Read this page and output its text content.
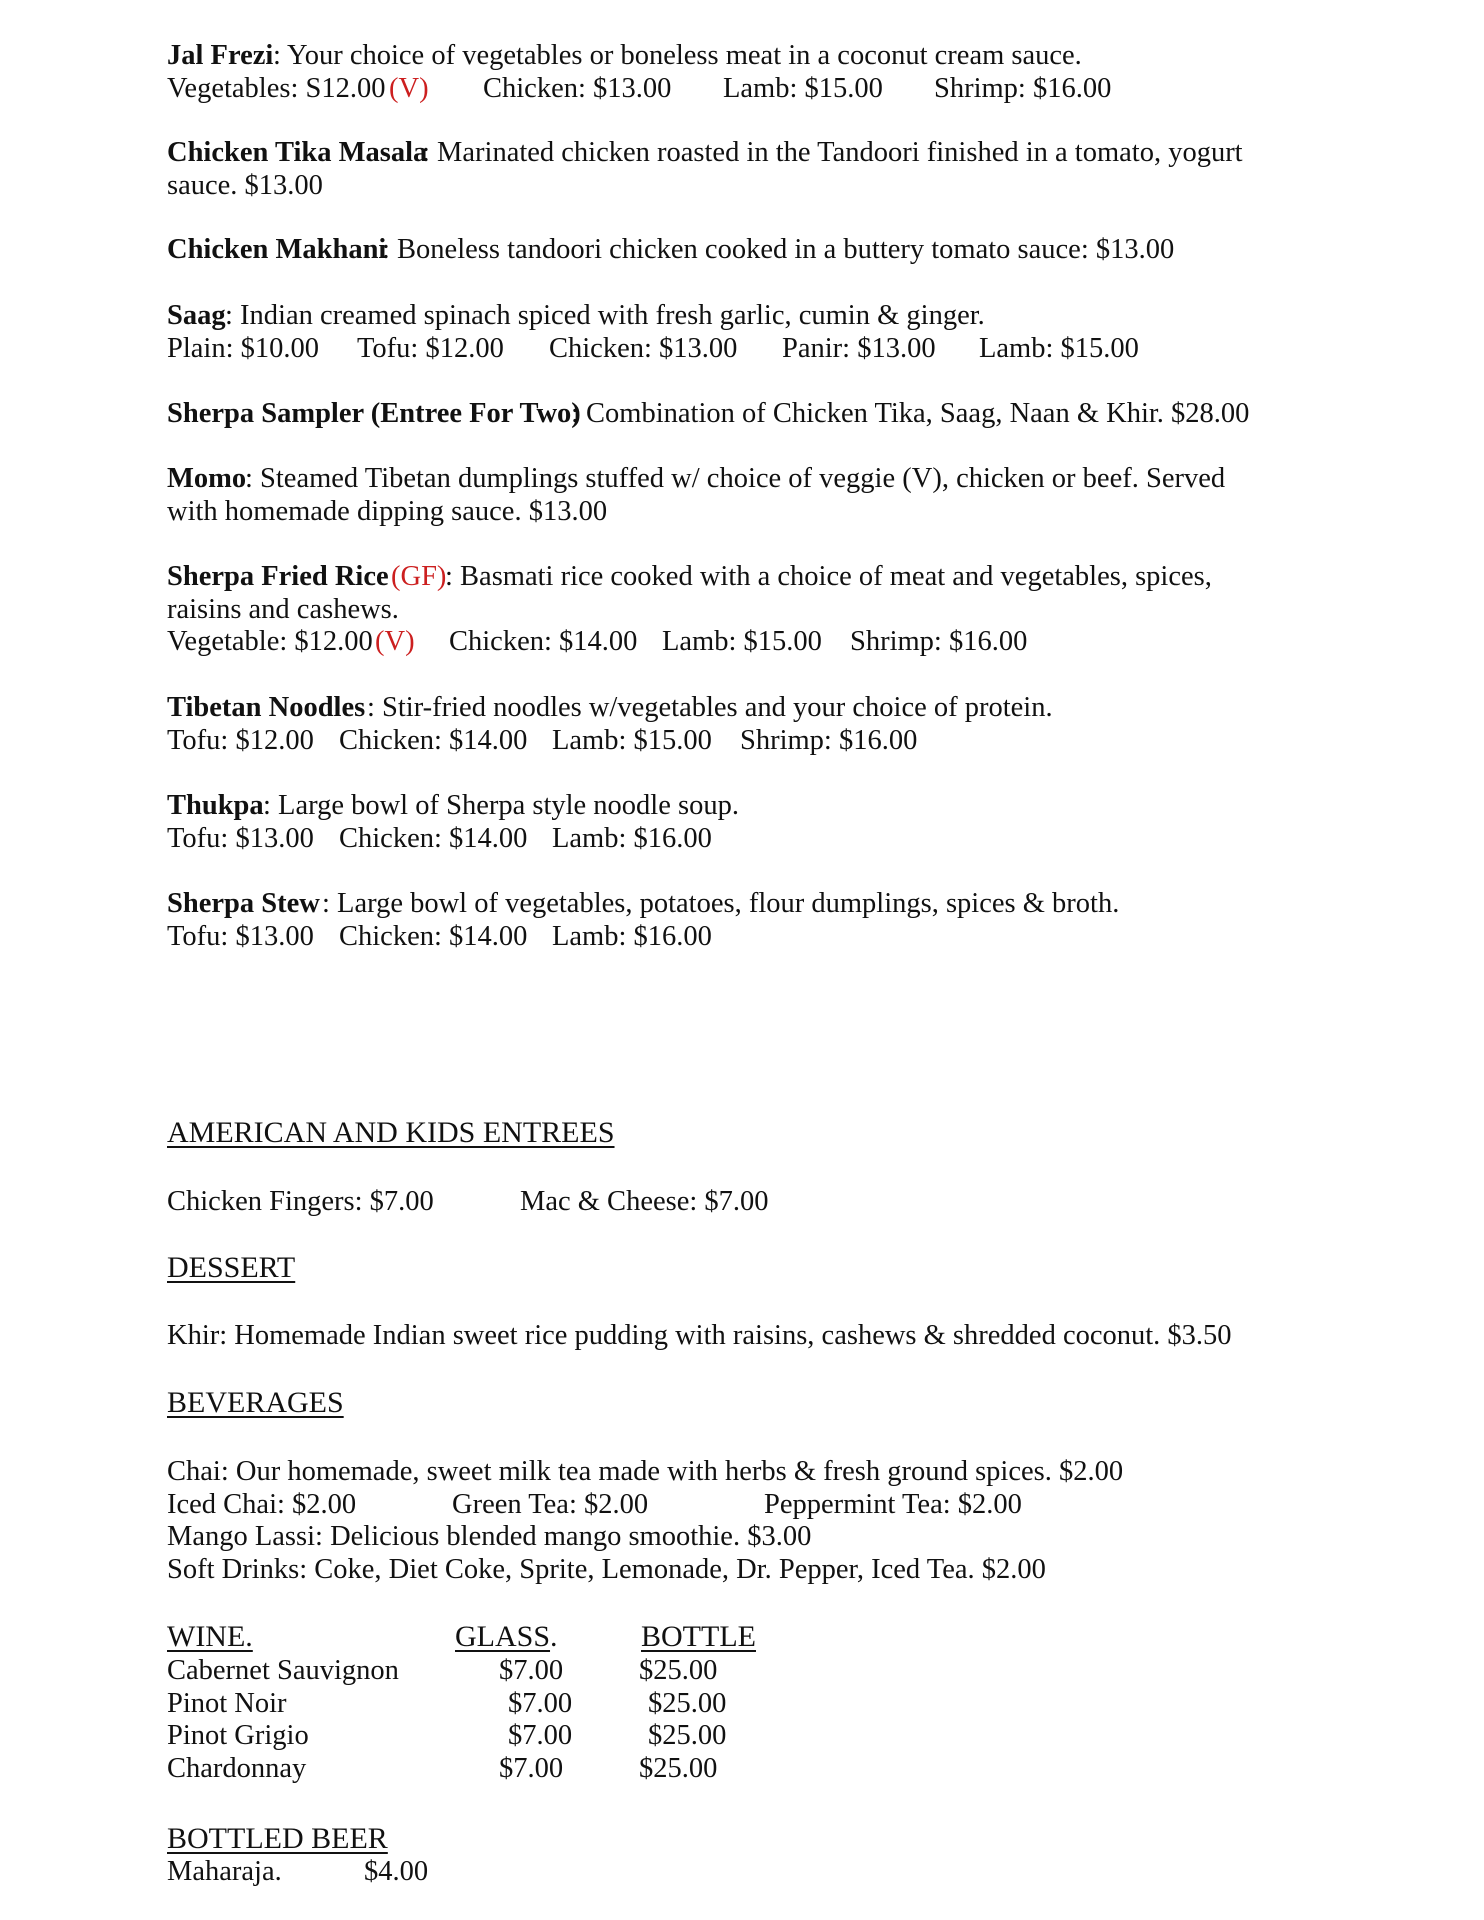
Jal Frezi : Your choice of vegetables or boneless meat in a coconut cream sauce.
Vegetables: S12.00 (V) Chicken: $13.00 Lamb: $15.00 Shrimp: $16.00
Chicken Tika Masala
: Marinated chicken roasted in the Tandoori finished in a tomato, yogurt
sauce. $13.00
Chicken Makhani
: Boneless tandoori chicken cooked in a buttery tomato sauce: $13.00
Saag : Indian creamed spinach spiced with fresh garlic, cumin & ginger.
Plain: $10.00 Tofu: $12.00 Chicken: $13.00 Panir: $13.00 Lamb: $15.00
Sherpa Sampler (Entree For Two)
: Combination of Chicken Tika, Saag, Naan & Khir. $28.00
Momo
: Steamed Tibetan dumplings stuffed w/ choice of veggie (V), chicken or beef. Served
with homemade dipping sauce. $13.00
Sherpa Fried Rice (GF)
: Basmati rice cooked with a choice of meat and vegetables, spices,
raisins and cashews.
Vegetable: $12.00 (V) Chicken: $14.00 Lamb: $15.00 Shrimp: $16.00
Tibetan Noodles : Stir-fried noodles w/vegetables and your choice of protein.
Tofu: $12.00 Chicken: $14.00 Lamb: $15.00 Shrimp: $16.00
Thukpa : Large bowl of Sherpa style noodle soup.
Tofu: $13.00 Chicken: $14.00 Lamb: $16.00
Sherpa Stew : Large bowl of vegetables, potatoes, flour dumplings, spices & broth.
Tofu: $13.00 Chicken: $14.00 Lamb: $16.00
AMERICAN AND KIDS ENTREES
Chicken Fingers: $7.00	Mac & Cheese: $7.00
DESSERT
Khir: Homemade Indian sweet rice pudding with raisins, cashews & shredded coconut. $3.50
BEVERAGES
Chai: Our homemade, sweet milk tea made with herbs & fresh ground spices. $2.00
Iced Chai: $2.00	Green Tea: $2.00	Peppermint Tea: $2.00
Mango Lassi: Delicious blended mango smoothie. $3.00
Soft Drinks: Coke, Diet Coke, Sprite, Lemonade, Dr. Pepper, Iced Tea. $2.00
WINE.	GLASS.	BOTTLE
Cabernet Sauvignon	$7.00	$25.00
Pinot Noir	$7.00	$25.00
Pinot Grigio	$7.00	$25.00
Chardonnay	$7.00	$25.00
BOTTLED BEER
Maharaja.	$4.00
